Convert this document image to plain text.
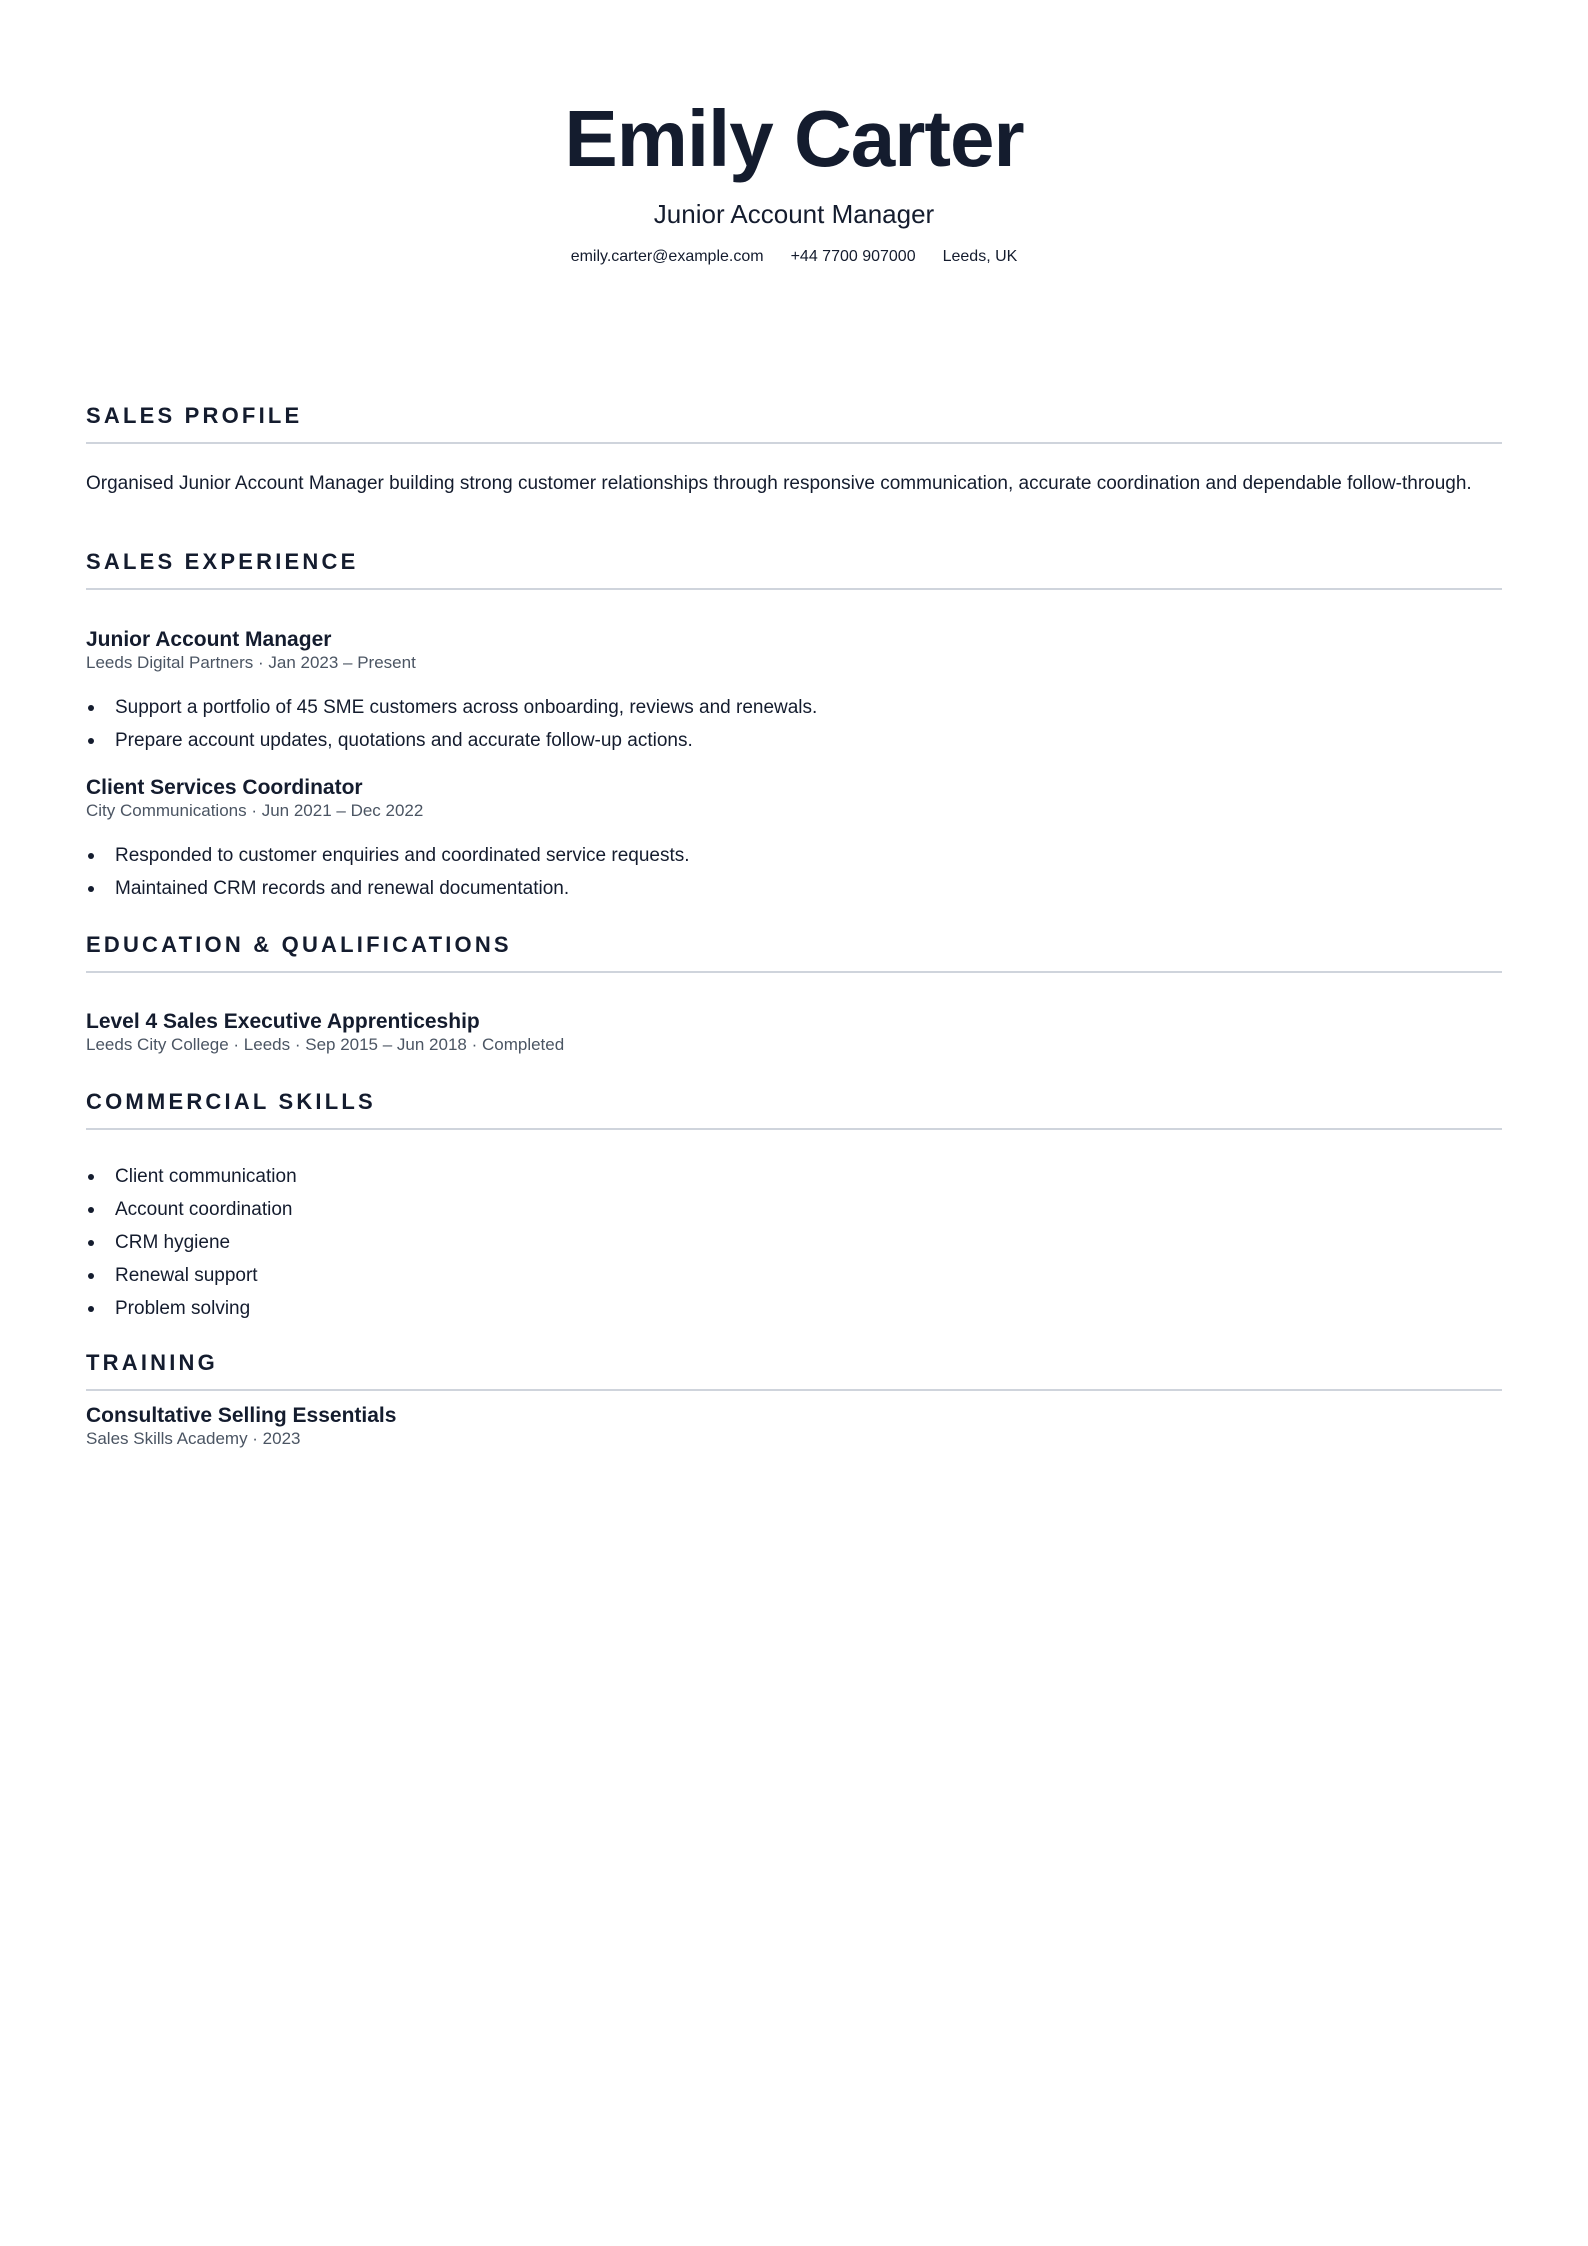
Emily Carter
Junior Account Manager
emily.carter@example.com +44 7700 907000 Leeds, UK
SALES PROFILE
Organised Junior Account Manager building strong customer relationships through responsive communication, accurate coordination and dependable follow-through.
SALES EXPERIENCE
Junior Account Manager
Leeds Digital Partners · Jan 2023 – Present
Support a portfolio of 45 SME customers across onboarding, reviews and renewals.
Prepare account updates, quotations and accurate follow-up actions.
Client Services Coordinator
City Communications · Jun 2021 – Dec 2022
Responded to customer enquiries and coordinated service requests.
Maintained CRM records and renewal documentation.
EDUCATION & QUALIFICATIONS
Level 4 Sales Executive Apprenticeship
Leeds City College · Leeds · Sep 2015 – Jun 2018 · Completed
COMMERCIAL SKILLS
Client communication
Account coordination
CRM hygiene
Renewal support
Problem solving
TRAINING
Consultative Selling Essentials
Sales Skills Academy · 2023
